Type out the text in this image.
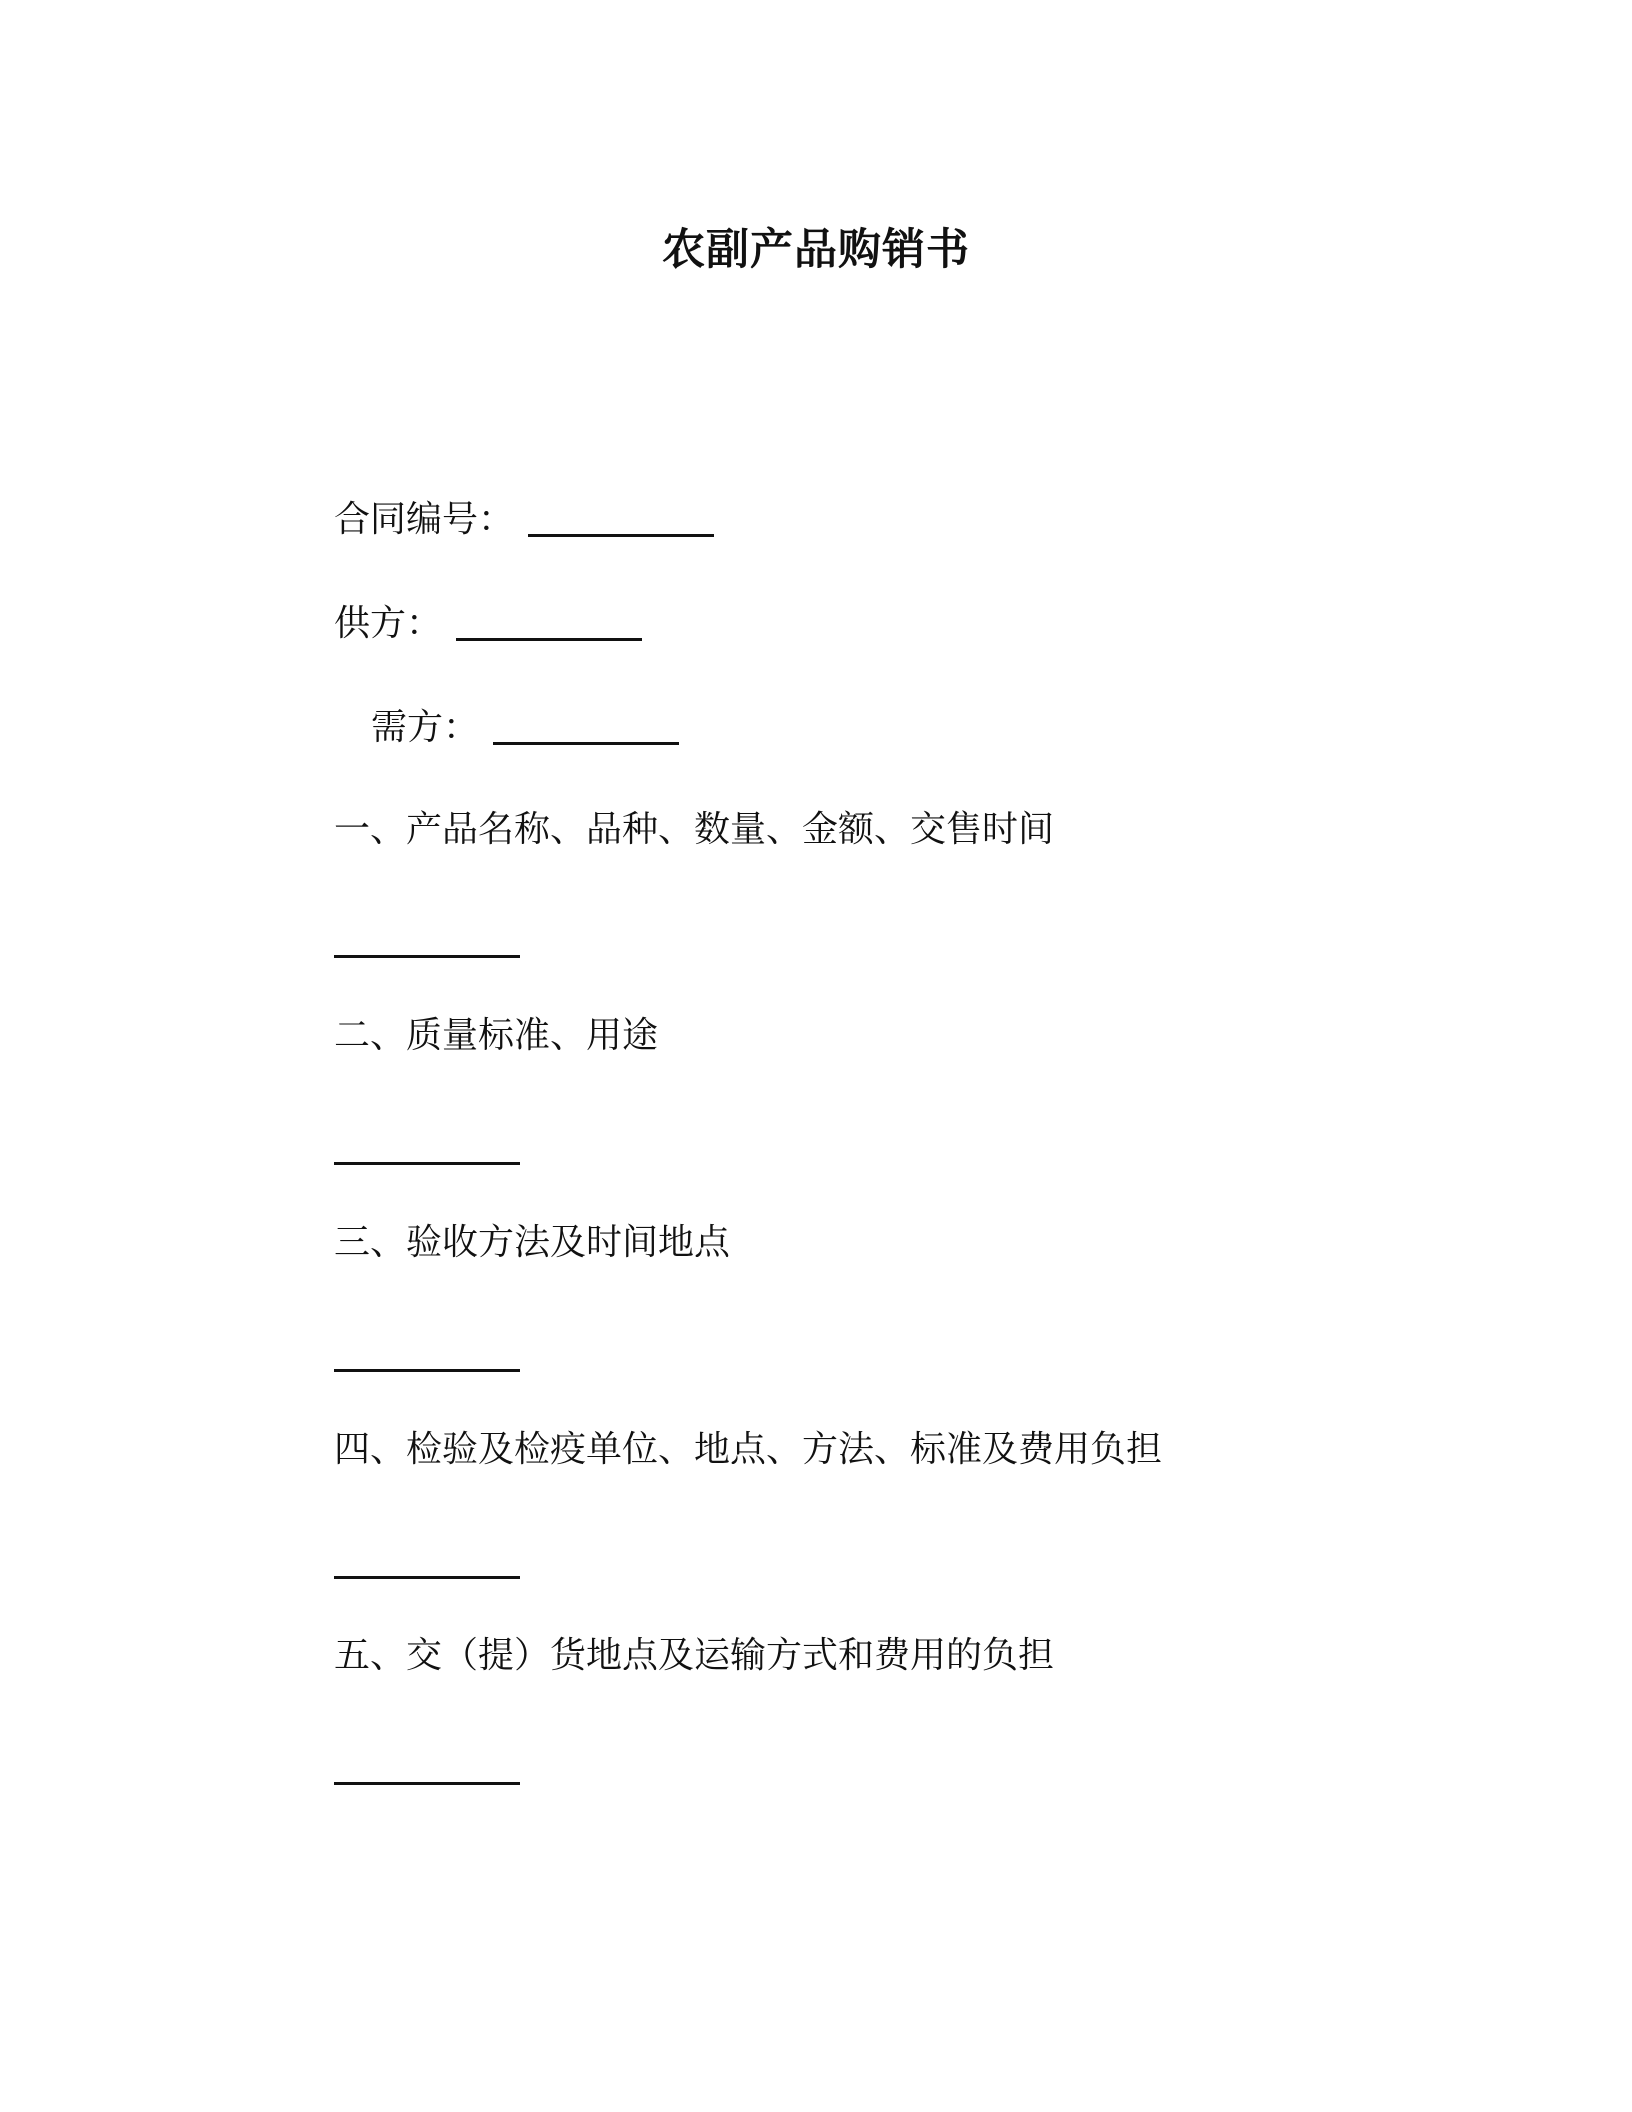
农副产品购销书
合同编号：
供方：
需方：
一、产品名称、品种、数量、金额、交售时间
二、质量标准、用途
三、验收方法及时间地点
四、检验及检疫单位、地点、方法、标准及费用负担
五、交（提）货地点及运输方式和费用的负担
